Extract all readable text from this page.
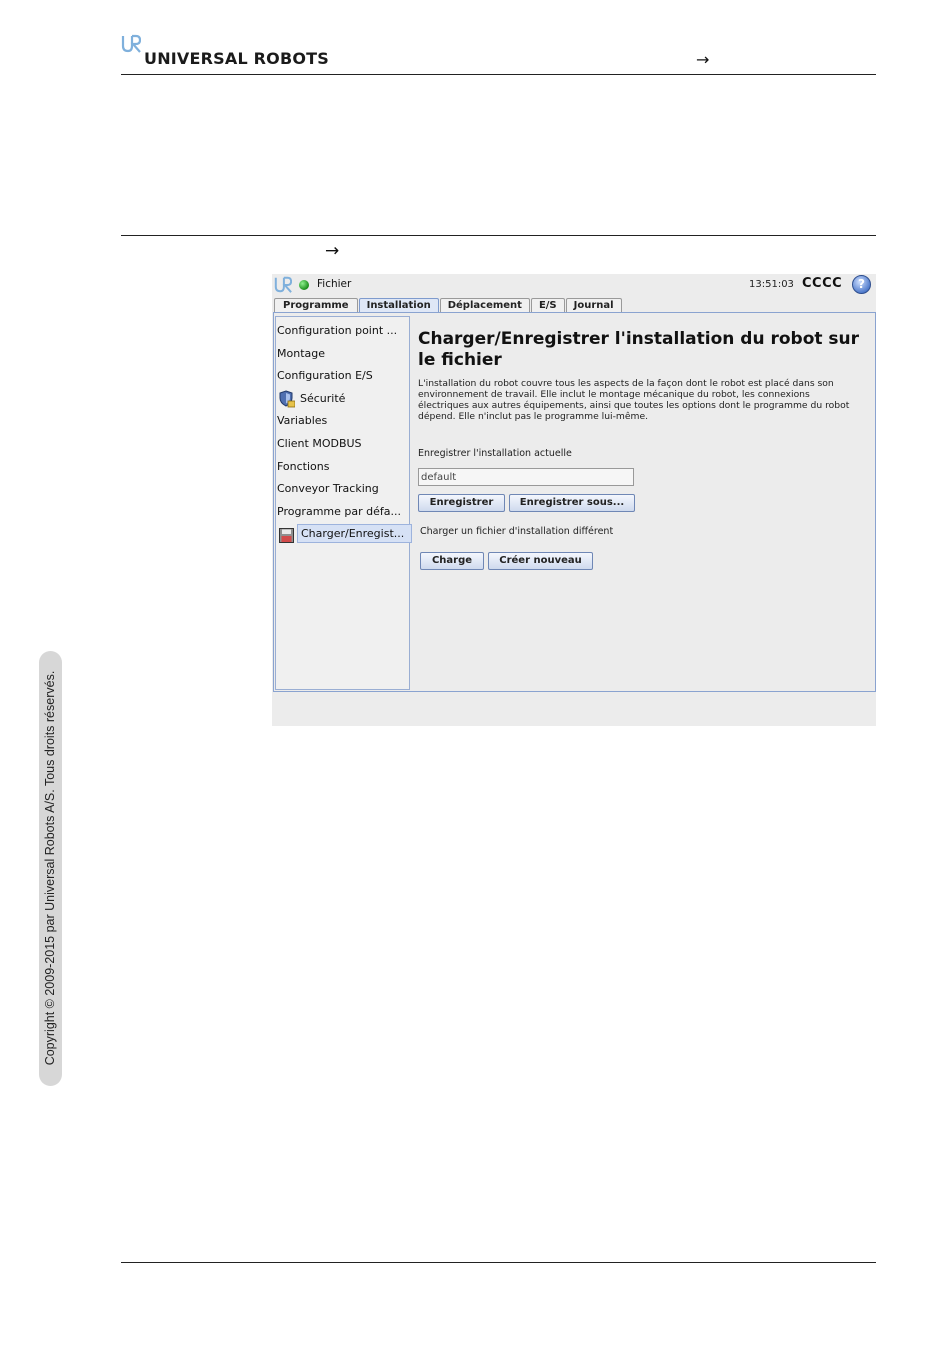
UNIVERSAL ROBOTS	→
→
Copyright © 2009-2015 par Universal Robots A/S. Tous droits réservés.
Fichier	13:51:03 CCCC	?
Programme	Installation	Déplacement	E/S	Journal
Configuration point ...
Montage
Configuration E/S
Sécurité
Variables
Client MODBUS
Fonctions
Conveyor Tracking
Programme par défa...
Charger/Enregist...
Charger/Enregistrer l'installation du robot sur le fichier
L'installation du robot couvre tous les aspects de la façon dont le robot est placé dans son environnement de travail. Elle inclut le montage mécanique du robot, les connexions électriques aux autres équipements, ainsi que toutes les options dont le programme du robot dépend. Elle n'inclut pas le programme lui-même.
Enregistrer l'installation actuelle
default
Enregistrer	Enregistrer sous...
Charger un fichier d'installation différent
Charge	Créer nouveau
